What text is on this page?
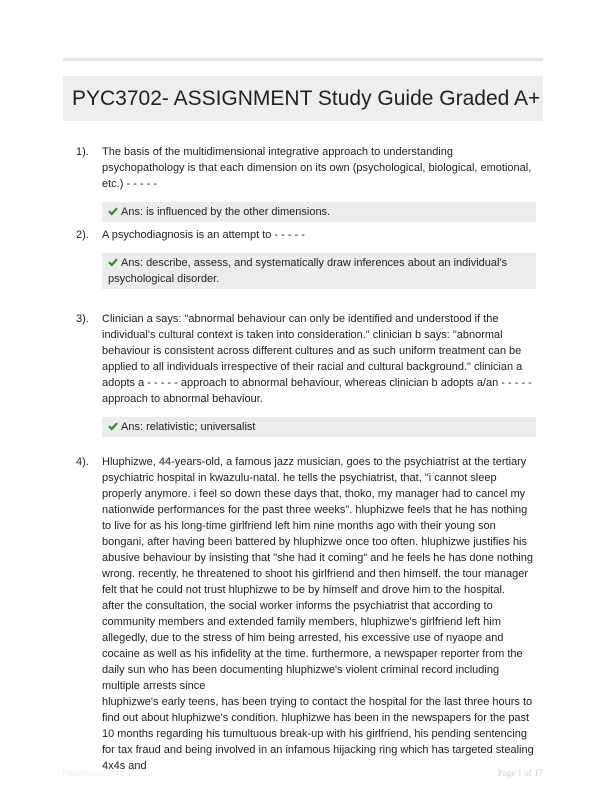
PYC3702- ASSIGNMENT Study Guide Graded A+
1). The basis of the multidimensional integrative approach to understanding psychopathology is that each dimension on its own (psychological, biological, emotional, etc.) - - - - -
Ans: is influenced by the other dimensions.
2). A psychodiagnosis is an attempt to - - - - -
Ans: describe, assess, and systematically draw inferences about an individual's psychological disorder.
3). Clinician a says: "abnormal behaviour can only be identified and understood if the individual's cultural context is taken into consideration." clinician b says: "abnormal behaviour is consistent across different cultures and as such uniform treatment can be applied to all individuals irrespective of their racial and cultural background." clinician a adopts a - - - - - approach to abnormal behaviour, whereas clinician b adopts a/an - - - - - approach to abnormal behaviour.
Ans: relativistic; universalist
4). Hluphizwe, 44-years-old, a famous jazz musician, goes to the psychiatrist at the tertiary psychiatric hospital in kwazulu-natal. he tells the psychiatrist, that, "i cannot sleep properly anymore. i feel so down these days that, thoko, my manager had to cancel my nationwide performances for the past three weeks". hluphizwe feels that he has nothing to live for as his long-time girlfriend left him nine months ago with their young son bongani, after having been battered by hluphizwe once too often. hluphizwe justifies his abusive behaviour by insisting that "she had it coming" and he feels he has done nothing wrong. recently, he threatened to shoot his girlfriend and then himself. the tour manager felt that he could not trust hluphizwe to be by himself and drove him to the hospital.
after the consultation, the social worker informs the psychiatrist that according to community members and extended family members, hluphizwe's girlfriend left him allegedly, due to the stress of him being arrested, his excessive use of nyaope and cocaine as well as his infidelity at the time. furthermore, a newspaper reporter from the daily sun who has been documenting hluphizwe's violent criminal record including multiple arrests since
hluphizwe's early teens, has been trying to contact the hospital for the last three hours to find out about hluphizwe's condition. hluphizwe has been in the newspapers for the past 10 months regarding his tumultuous break-up with his girlfriend, his pending sentencing for tax fraud and being involved in an infamous hijacking ring which has targeted stealing 4x4s and
PaperSibic.com	Page 1 of 17
